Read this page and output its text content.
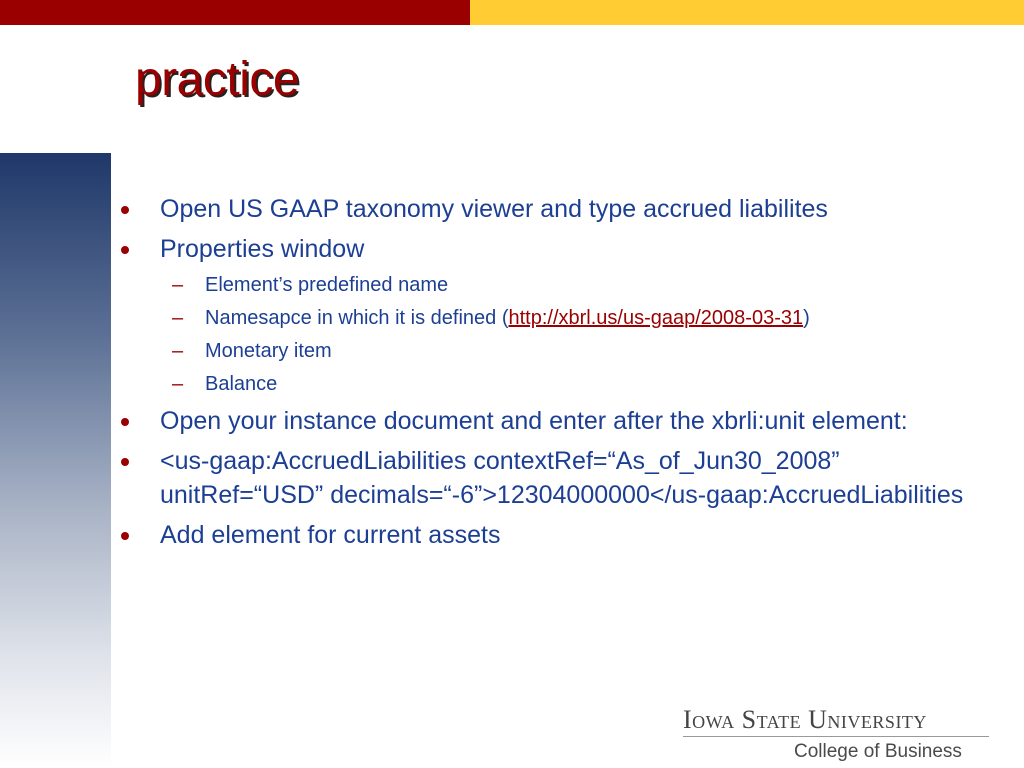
practice
Open US GAAP taxonomy viewer and type accrued liabilites
Properties window
– Element’s predefined name
– Namesapce in which it is defined (http://xbrl.us/us-gaap/2008-03-31)
– Monetary item
– Balance
Open your instance document and enter after the xbrli:unit element:
<us-gaap:AccruedLiabilities contextRef=“As_of_Jun30_2008” unitRef=“USD” decimals=“-6”>12304000000</us-gaap:AccruedLiabilities
Add element for current assets
Iowa State University
College of Business
